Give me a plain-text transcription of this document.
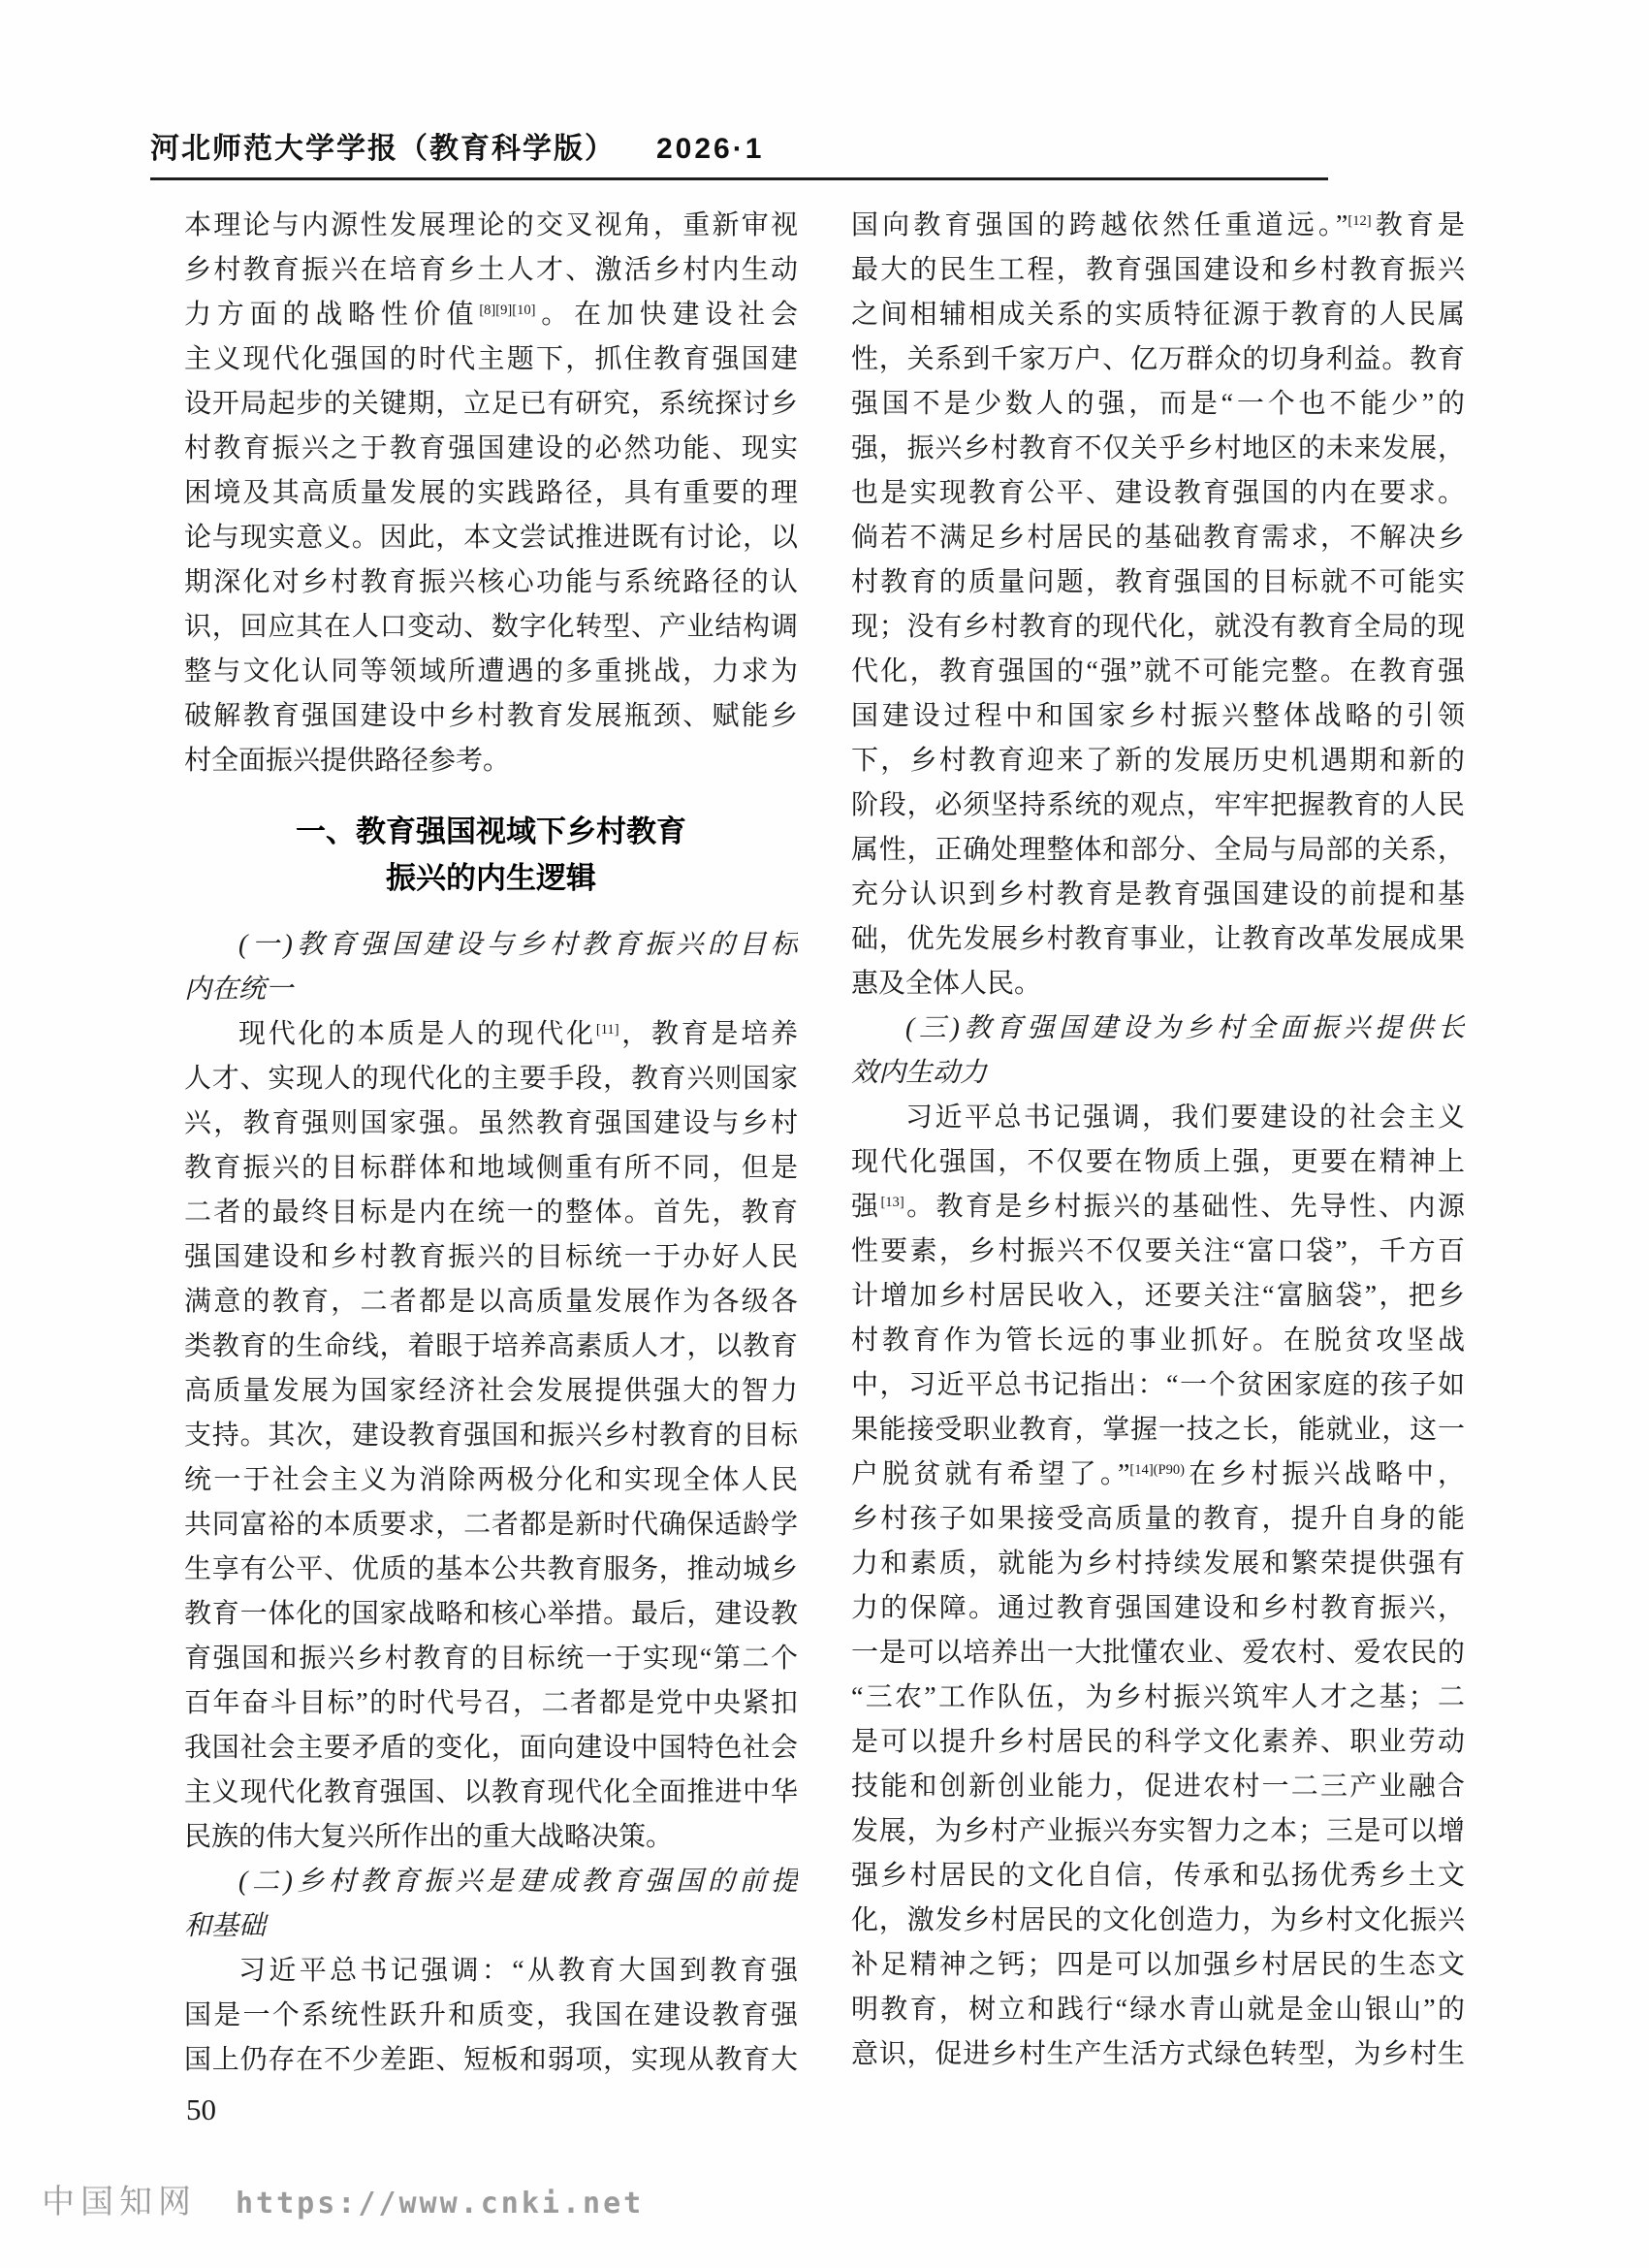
河北师范大学学报（教育科学版） 2026·1
本理论与内源性发展理论的交叉视角，重新审视
乡村教育振兴在培育乡土人才、激活乡村内生动
力方面的战略性价值[8][9][10]。在加快建设社会
主义现代化强国的时代主题下，抓住教育强国建
设开局起步的关键期，立足已有研究，系统探讨乡
村教育振兴之于教育强国建设的必然功能、现实
困境及其高质量发展的实践路径，具有重要的理
论与现实意义。因此，本文尝试推进既有讨论，以
期深化对乡村教育振兴核心功能与系统路径的认
识，回应其在人口变动、数字化转型、产业结构调
整与文化认同等领域所遭遇的多重挑战，力求为
破解教育强国建设中乡村教育发展瓶颈、赋能乡
村全面振兴提供路径参考。
一、教育强国视域下乡村教育
振兴的内生逻辑
(一)教育强国建设与乡村教育振兴的目标
内在统一
现代化的本质是人的现代化[11]，教育是培养
人才、实现人的现代化的主要手段，教育兴则国家
兴，教育强则国家强。虽然教育强国建设与乡村
教育振兴的目标群体和地域侧重有所不同，但是
二者的最终目标是内在统一的整体。首先，教育
强国建设和乡村教育振兴的目标统一于办好人民
满意的教育，二者都是以高质量发展作为各级各
类教育的生命线，着眼于培养高素质人才，以教育
高质量发展为国家经济社会发展提供强大的智力
支持。其次，建设教育强国和振兴乡村教育的目标
统一于社会主义为消除两极分化和实现全体人民
共同富裕的本质要求，二者都是新时代确保适龄学
生享有公平、优质的基本公共教育服务，推动城乡
教育一体化的国家战略和核心举措。最后，建设教
育强国和振兴乡村教育的目标统一于实现“第二个
百年奋斗目标”的时代号召，二者都是党中央紧扣
我国社会主要矛盾的变化，面向建设中国特色社会
主义现代化教育强国、以教育现代化全面推进中华
民族的伟大复兴所作出的重大战略决策。
(二)乡村教育振兴是建成教育强国的前提
和基础
习近平总书记强调：“从教育大国到教育强
国是一个系统性跃升和质变，我国在建设教育强
国上仍存在不少差距、短板和弱项，实现从教育大
国向教育强国的跨越依然任重道远。”[12]教育是
最大的民生工程，教育强国建设和乡村教育振兴
之间相辅相成关系的实质特征源于教育的人民属
性，关系到千家万户、亿万群众的切身利益。教育
强国不是少数人的强，而是“一个也不能少”的
强，振兴乡村教育不仅关乎乡村地区的未来发展，
也是实现教育公平、建设教育强国的内在要求。
倘若不满足乡村居民的基础教育需求，不解决乡
村教育的质量问题，教育强国的目标就不可能实
现；没有乡村教育的现代化，就没有教育全局的现
代化，教育强国的“强”就不可能完整。在教育强
国建设过程中和国家乡村振兴整体战略的引领
下，乡村教育迎来了新的发展历史机遇期和新的
阶段，必须坚持系统的观点，牢牢把握教育的人民
属性，正确处理整体和部分、全局与局部的关系，
充分认识到乡村教育是教育强国建设的前提和基
础，优先发展乡村教育事业，让教育改革发展成果
惠及全体人民。
(三)教育强国建设为乡村全面振兴提供长
效内生动力
习近平总书记强调，我们要建设的社会主义
现代化强国，不仅要在物质上强，更要在精神上
强[13]。教育是乡村振兴的基础性、先导性、内源
性要素，乡村振兴不仅要关注“富口袋”，千方百
计增加乡村居民收入，还要关注“富脑袋”，把乡
村教育作为管长远的事业抓好。在脱贫攻坚战
中，习近平总书记指出：“一个贫困家庭的孩子如
果能接受职业教育，掌握一技之长，能就业，这一
户脱贫就有希望了。”$^{[14](P90)}$在乡村振兴战略中，
乡村孩子如果接受高质量的教育，提升自身的能
力和素质，就能为乡村持续发展和繁荣提供强有
力的保障。通过教育强国建设和乡村教育振兴，
一是可以培养出一大批懂农业、爱农村、爱农民的
“三农”工作队伍，为乡村振兴筑牢人才之基；二
是可以提升乡村居民的科学文化素养、职业劳动
技能和创新创业能力，促进农村一二三产业融合
发展，为乡村产业振兴夯实智力之本；三是可以增
强乡村居民的文化自信，传承和弘扬优秀乡土文
化，激发乡村居民的文化创造力，为乡村文化振兴
补足精神之钙；四是可以加强乡村居民的生态文
明教育，树立和践行“绿水青山就是金山银山”的
意识，促进乡村生产生活方式绿色转型，为乡村生
50
中国知网 https://www.cnki.net
